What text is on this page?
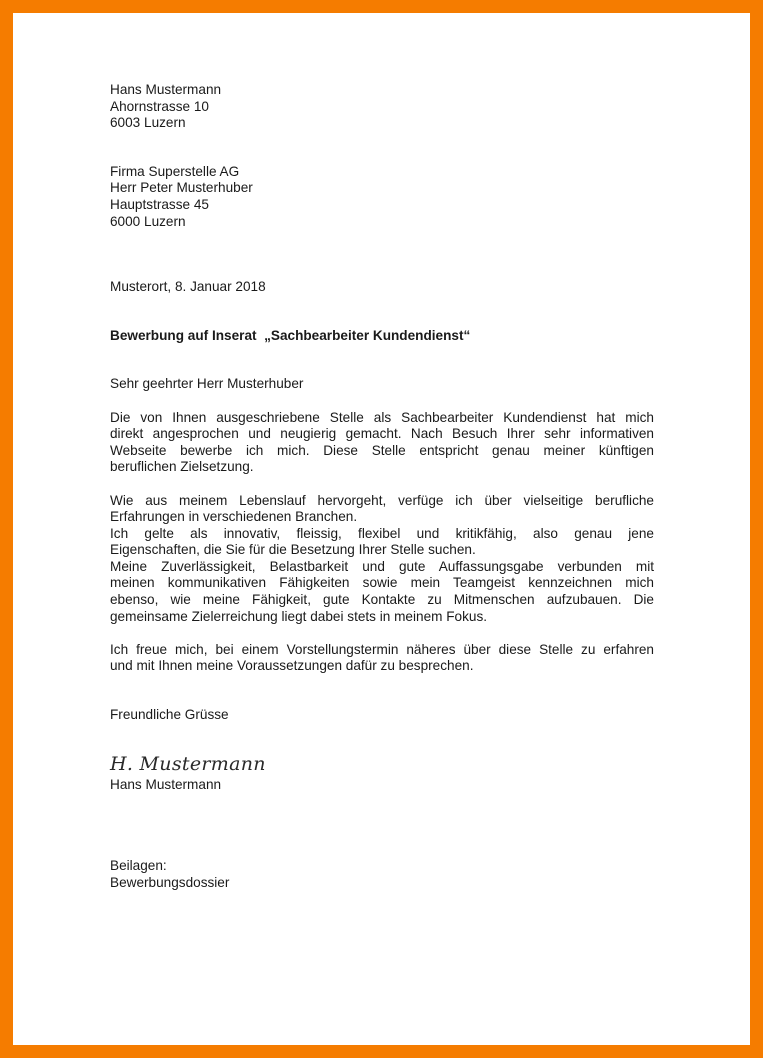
Hans Mustermann
Ahornstrasse 10
6003 Luzern
Firma Superstelle AG
Herr Peter Musterhuber
Hauptstrasse 45
6000 Luzern
Musterort, 8. Januar 2018
Bewerbung auf Inserat  „Sachbearbeiter Kundendienst“
Sehr geehrter Herr Musterhuber
Die von Ihnen ausgeschriebene Stelle als Sachbearbeiter Kundendienst hat mich
direkt angesprochen und neugierig gemacht. Nach Besuch Ihrer sehr informativen
Webseite bewerbe ich mich. Diese Stelle entspricht genau meiner künftigen
beruflichen Zielsetzung.
Wie aus meinem Lebenslauf hervorgeht, verfüge ich über vielseitige berufliche
Erfahrungen in verschiedenen Branchen.
Ich gelte als innovativ, fleissig, flexibel und kritikfähig, also genau jene
Eigenschaften, die Sie für die Besetzung Ihrer Stelle suchen.
Meine Zuverlässigkeit, Belastbarkeit und gute Auffassungsgabe verbunden mit
meinen kommunikativen Fähigkeiten sowie mein Teamgeist kennzeichnen mich
ebenso, wie meine Fähigkeit, gute Kontakte zu Mitmenschen aufzubauen. Die
gemeinsame Zielerreichung liegt dabei stets in meinem Fokus.
Ich freue mich, bei einem Vorstellungstermin näheres über diese Stelle zu erfahren
und mit Ihnen meine Voraussetzungen dafür zu besprechen.
Freundliche Grüsse
H. Mustermann
Hans Mustermann
Beilagen:
Bewerbungsdossier
